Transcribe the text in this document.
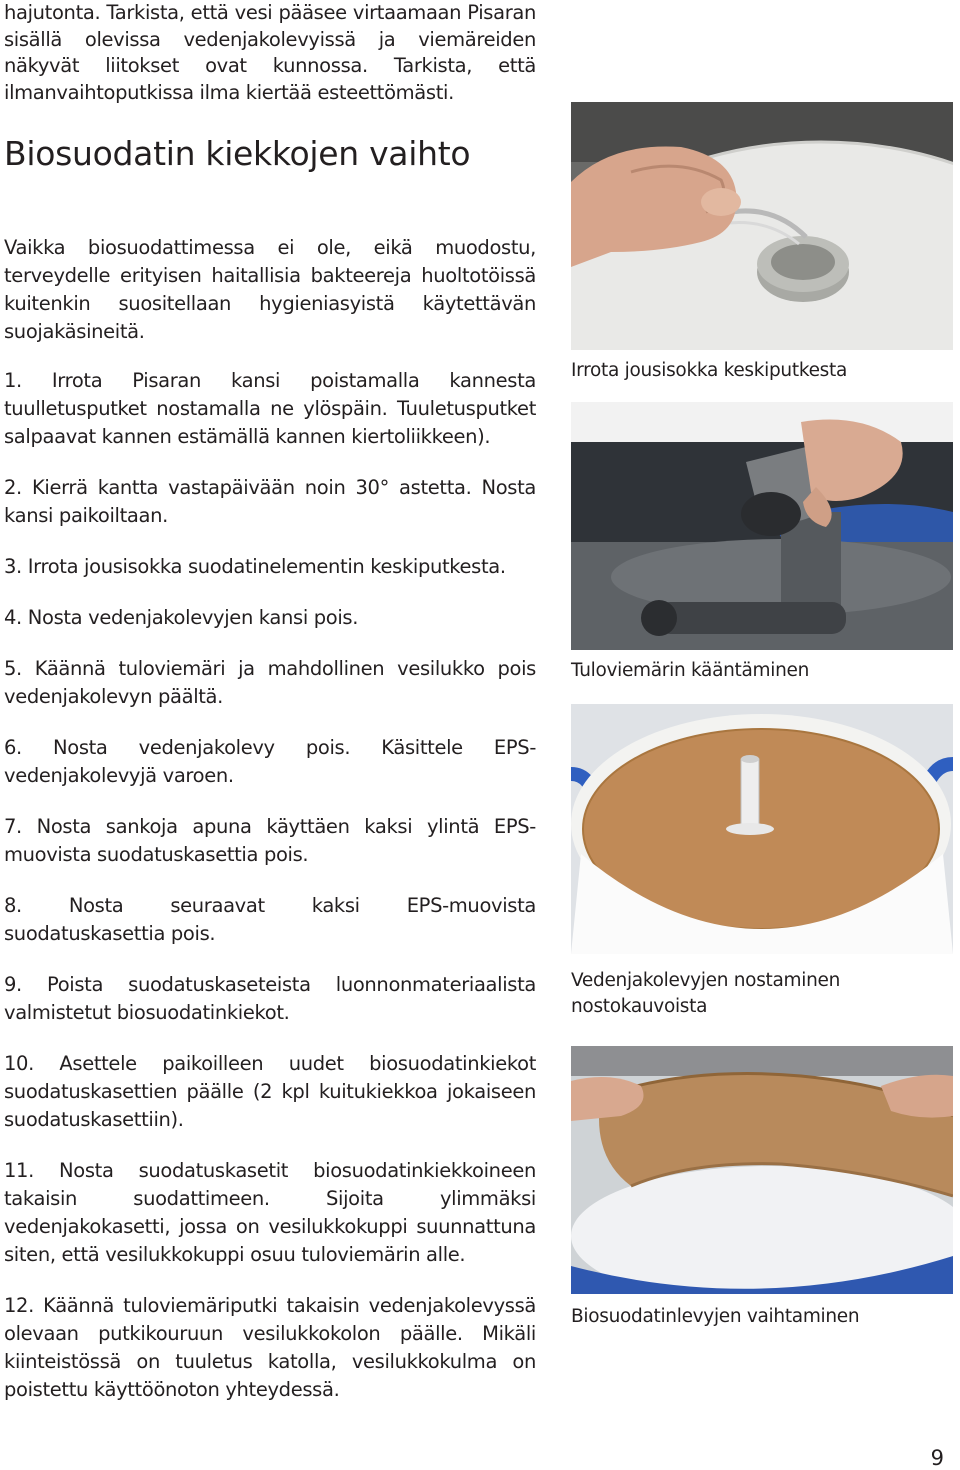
hajutonta. Tarkista, että vesi pääsee virtaamaan Pisaran sisällä olevissa vedenjakolevyissä ja viemäreiden näkyvät liitokset ovat kunnossa. Tarkista, että ilmanvaihtoputkissa ilma kiertää esteettömästi.

Biosuodatin kiekkojen vaihto

Vaikka biosuodattimessa ei ole, eikä muodostu, terveydelle erityisen haitallisia bakteereja huoltotöissä kuitenkin suositellaan hygieniasyistä käytettävän suojakäsineitä.

1. Irrota Pisaran kansi poistamalla kannesta tuulletusputket nostamalla ne ylöspäin. Tuuletusputket salpaavat kannen estämällä kannen kiertoliikkeen).

2. Kierrä kantta vastapäivään noin 30° astetta. Nosta kansi paikoiltaan.

3. Irrota jousisokka suodatinelementin keskiputkesta.

4. Nosta vedenjakolevyjen kansi pois.

5. Käännä tuloviemäri ja mahdollinen vesilukko pois vedenjakolevyn päältä.

6. Nosta vedenjakolevy pois. Käsittele EPS-vedenjakolevyjä varoen.

7. Nosta sankoja apuna käyttäen kaksi ylintä EPS-muovista suodatuskasettia pois.

8. Nosta seuraavat kaksi EPS-muovista suodatuskasettia pois.

9. Poista suodatuskaseteista luonnonmateriaalista valmistetut biosuodatinkiekot.

10. Asettele paikoilleen uudet biosuodatinkiekot suodatuskasettien päälle (2 kpl kuitukiekkoa jokaiseen suodatuskasettiin).

11. Nosta suodatuskasetit biosuodatinkiekkoineen takaisin suodattimeen. Sijoita ylimmäksi vedenjakokasetti, jossa on vesilukkokuppi suunnattuna siten, että vesilukkokuppi osuu tuloviemärin alle.

12. Käännä tuloviemäriputki takaisin vedenjakolevyssä olevaan putkikouruun vesilukkokolon päälle. Mikäli kiinteistössä on tuuletus katolla, vesilukkokulma on poistettu käyttöönoton yhteydessä.

Irrota jousisokka keskiputkesta

Tuloviemärin kääntäminen

Vedenjakolevyjen nostaminen nostokauvoista

Biosuodatinlevyjen vaihtaminen

9
